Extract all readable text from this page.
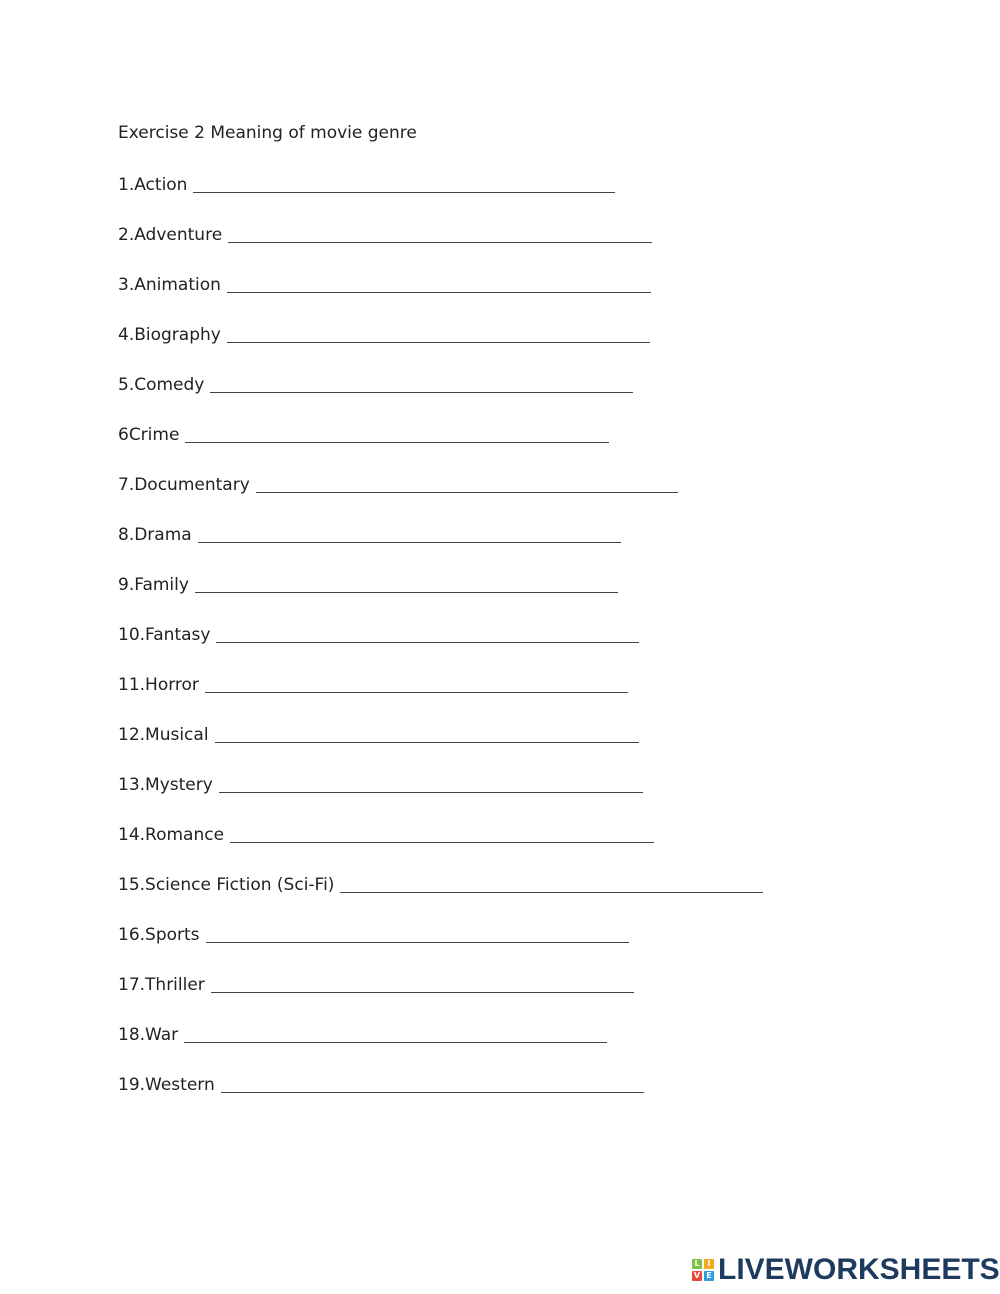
Exercise 2 Meaning of movie genre
1.Action
2.Adventure
3.Animation
4.Biography
5.Comedy
6Crime
7.Documentary
8.Drama
9.Family
10.Fantasy
11.Horror
12.Musical
13.Mystery
14.Romance
15.Science Fiction (Sci-Fi)
16.Sports
17.Thriller
18.War
19.Western
L I
V E LIVEWORKSHEETS
